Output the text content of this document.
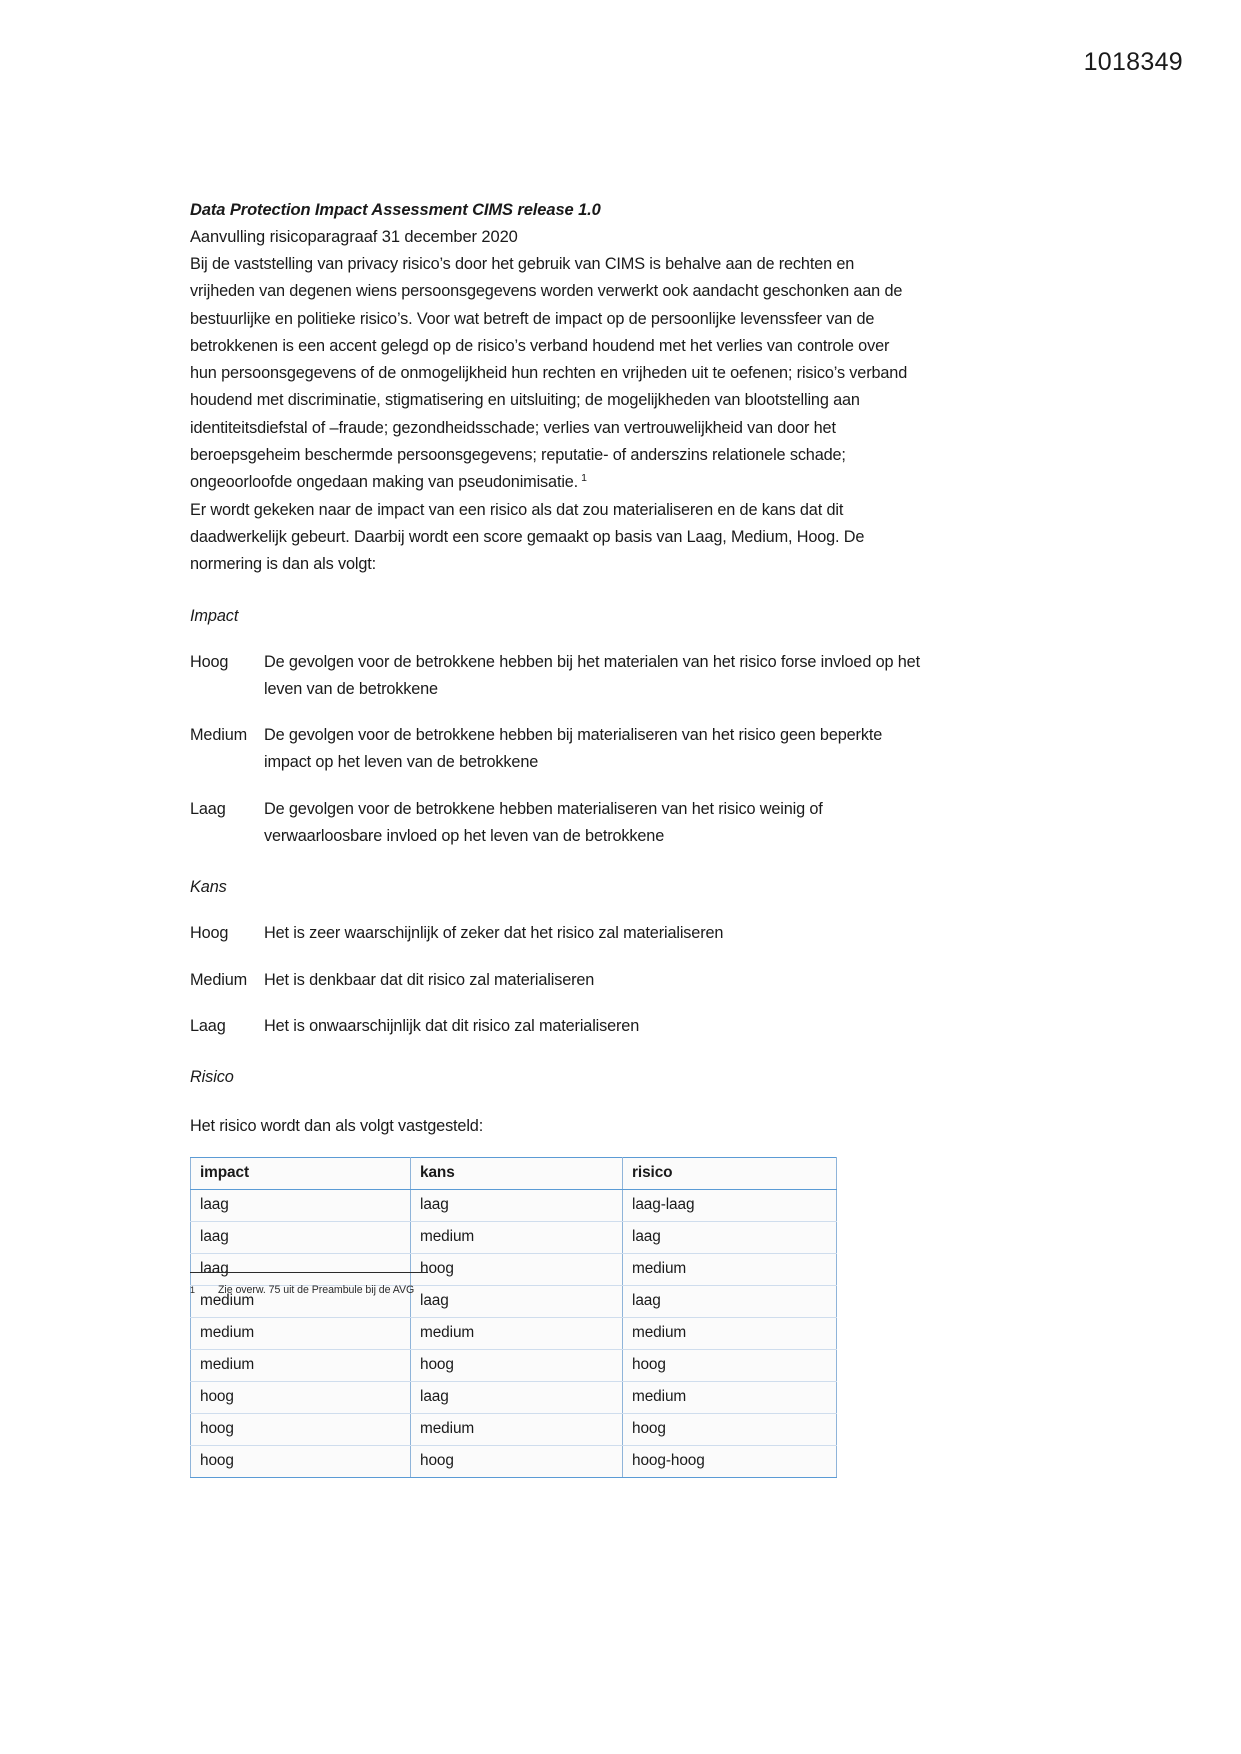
1018349
Data Protection Impact Assessment CIMS release 1.0
Aanvulling risicoparagraaf 31 december 2020

Bij de vaststelling van privacy risico’s door het gebruik van CIMS is behalve aan de rechten en vrijheden van degenen wiens persoonsgegevens worden verwerkt ook aandacht geschonken aan de bestuurlijke en politieke risico’s. Voor wat betreft de impact op de persoonlijke levenssfeer van de betrokkenen is een accent gelegd op de risico’s verband houdend met het verlies van controle over hun persoonsgegevens of de onmogelijkheid hun rechten en vrijheden uit te oefenen; risico’s verband houdend met discriminatie, stigmatisering en uitsluiting; de mogelijkheden van blootstelling aan identiteitsdiefstal of –fraude; gezondheidsschade; verlies van vertrouwelijkheid van door het beroepsgeheim beschermde persoonsgegevens; reputatie- of anderszins relationele schade; ongeoorloofde ongedaan making van pseudonimisatie. $^1$

Er wordt gekeken naar de impact van een risico als dat zou materialiseren en de kans dat dit daadwerkelijk gebeurt. Daarbij wordt een score gemaakt op basis van Laag, Medium, Hoog. De normering is dan als volgt:

Impact
Hoog	De gevolgen voor de betrokkene hebben bij het materialen van het risico forse invloed op het leven van de betrokkene
Medium	De gevolgen voor de betrokkene hebben bij materialiseren van het risico geen beperkte impact op het leven van de betrokkene
Laag	De gevolgen voor de betrokkene hebben materialiseren van het risico weinig of verwaarloosbare invloed op het leven van de betrokkene
Kans
Hoog	Het is zeer waarschijnlijk of zeker dat het risico zal materialiseren
Medium	Het is denkbaar dat dit risico zal materialiseren
Laag	Het is onwaarschijnlijk dat dit risico zal materialiseren
Risico
Het risico wordt dan als volgt vastgesteld:
impact	kans	risico
laag	laag	laag-laag
laag	medium	laag
laag	hoog	medium
medium	laag	laag
medium	medium	medium
medium	hoog	hoog
hoog	laag	medium
hoog	medium	hoog
hoog	hoog	hoog-hoog
1	Zie overw. 75 uit de Preambule bij de AVG
